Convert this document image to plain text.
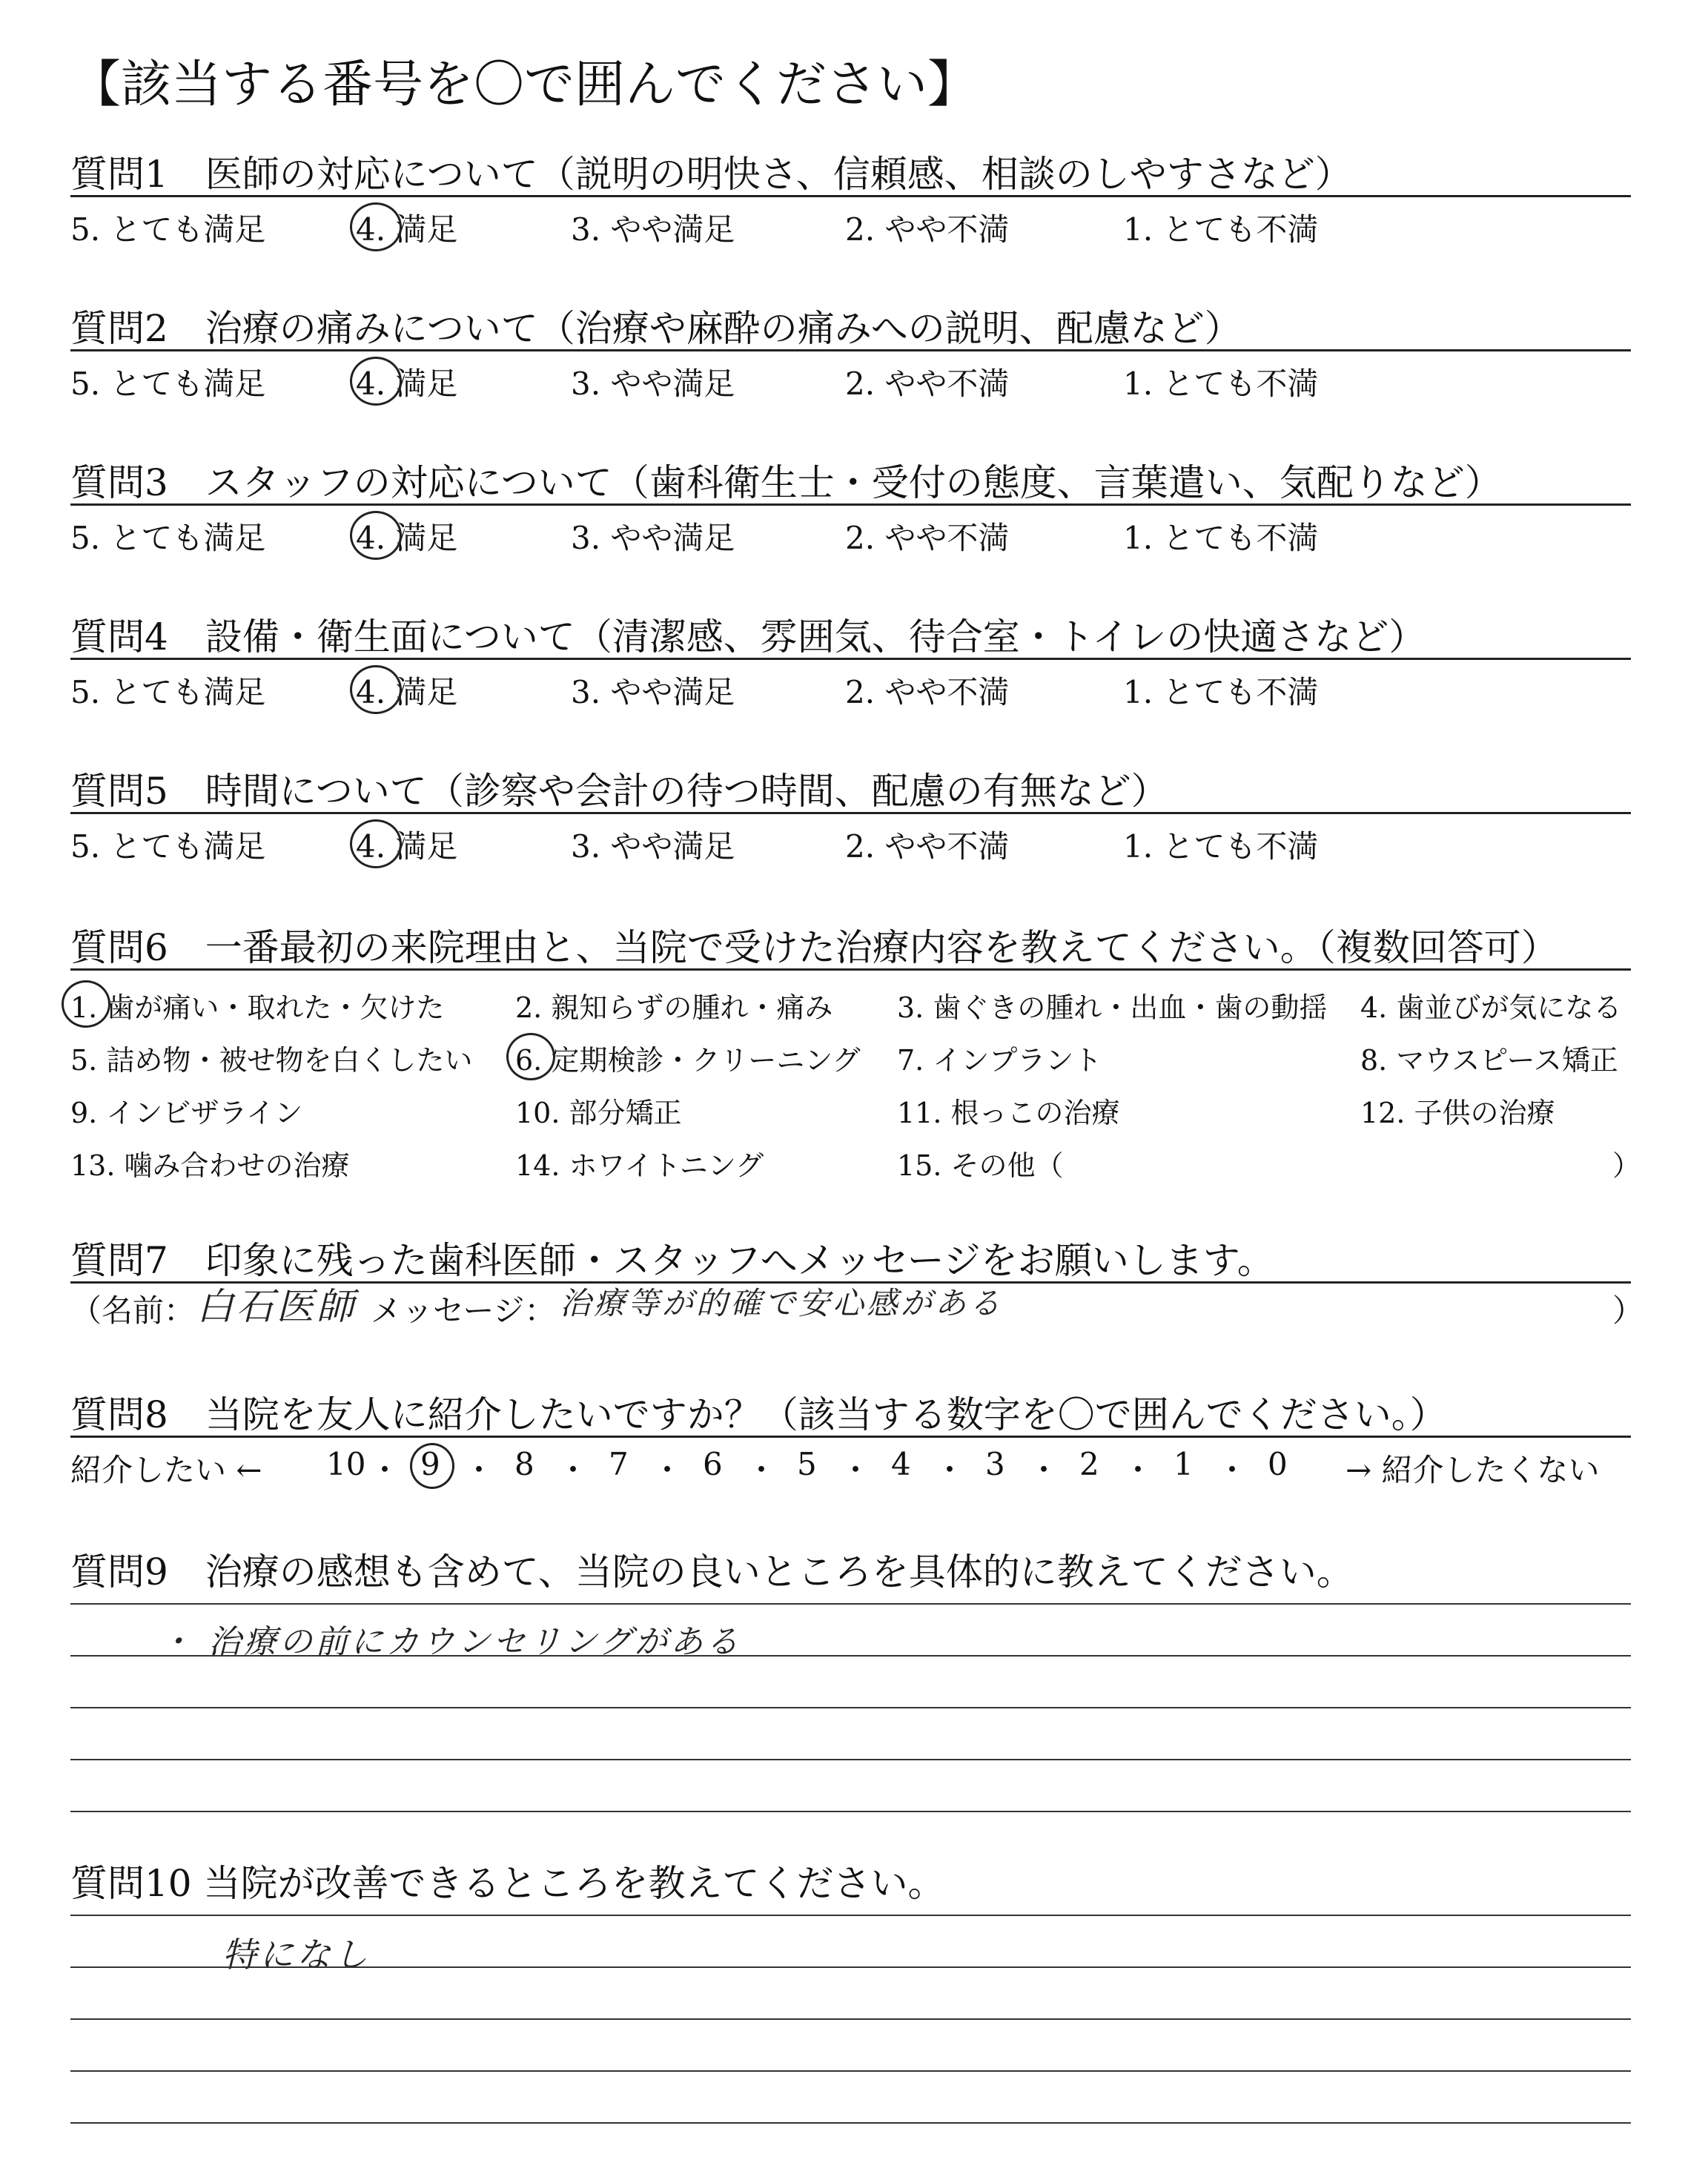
【該当する番号を〇で囲んでください】
質問1　医師の対応について（説明の明快さ、信頼感、相談のしやすさなど）
5. とても満足	4. 満足	3. やや満足	2. やや不満	1. とても不満
質問2　治療の痛みについて（治療や麻酔の痛みへの説明、配慮など）
5. とても満足	4. 満足	3. やや満足	2. やや不満	1. とても不満
質問3　スタッフの対応について（歯科衛生士・受付の態度、言葉遣い、気配りなど）
5. とても満足	4. 満足	3. やや満足	2. やや不満	1. とても不満
質問4　設備・衛生面について（清潔感、雰囲気、待合室・トイレの快適さなど）
5. とても満足	4. 満足	3. やや満足	2. やや不満	1. とても不満
質問5　時間について（診察や会計の待つ時間、配慮の有無など）
5. とても満足	4. 満足	3. やや満足	2. やや不満	1. とても不満
質問6　一番最初の来院理由と、当院で受けた治療内容を教えてください。（複数回答可）
1. 歯が痛い・取れた・欠けた	2. 親知らずの腫れ・痛み 3. 歯ぐきの腫れ・出血・歯の動揺 4. 歯並びが気になる
5. 詰め物・被せ物を白くしたい 6. 定期検診・クリーニング 7. インプラント	8. マウスピース矯正
9. インビザライン	10. 部分矯正	11. 根っこの治療	12. 子供の治療
13. 噛み合わせの治療	14. ホワイトニング	15. その他（	）
質問7　印象に残った歯科医師・スタッフへメッセージをお願いします。
（名前： 白石医師 メッセージ： 治療等が的確で安心感がある	）
質問8　当院を友人に紹介したいですか？（該当する数字を〇で囲んでください。）
紹介したい ← 10 ・ 9 ・ 8 ・ 7 ・ 6 ・ 5 ・ 4 ・ 3 ・ 2 ・ 1 ・ 0 → 紹介したくない
質問9　治療の感想も含めて、当院の良いところを具体的に教えてください。
・ 治療の前にカウンセリングがある
質問10 当院が改善できるところを教えてください。
特になし
